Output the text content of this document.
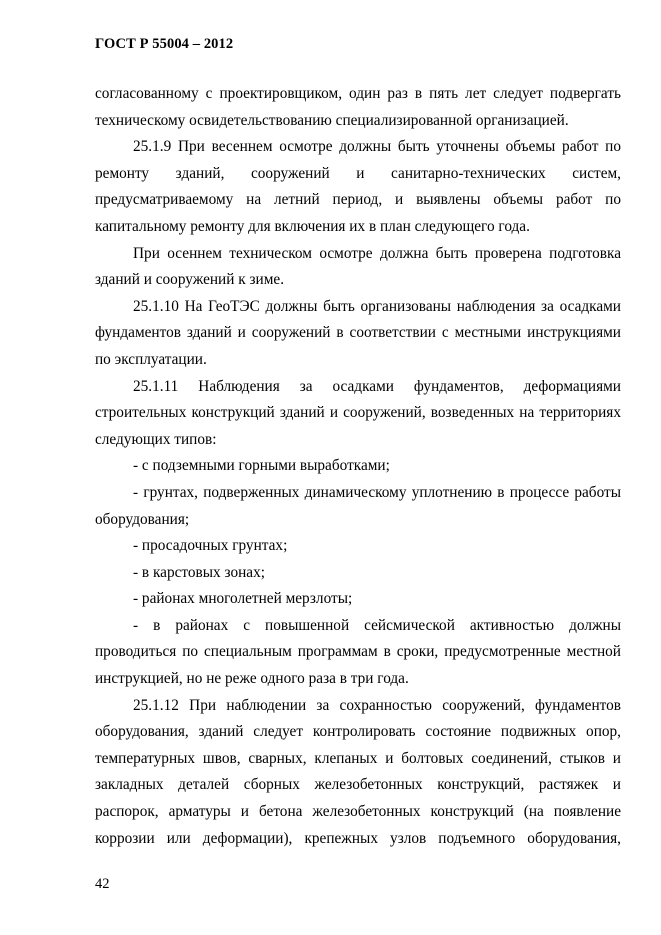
ГОСТ Р 55004 – 2012

согласованному с проектировщиком, один раз в пять лет следует подвергать техническому освидетельствованию специализированной организацией.

25.1.9 При весеннем осмотре должны быть уточнены объемы работ по ремонту зданий, сооружений и санитарно-технических систем, предусматриваемому на летний период, и выявлены объемы работ по капитальному ремонту для включения их в план следующего года.

При осеннем техническом осмотре должна быть проверена подготовка зданий и сооружений к зиме.

25.1.10 На ГеоТЭС должны быть организованы наблюдения за осадками фундаментов зданий и сооружений в соответствии с местными инструкциями по эксплуатации.

25.1.11 Наблюдения за осадками фундаментов, деформациями строительных конструкций зданий и сооружений, возведенных на территориях следующих типов:

- с подземными горными выработками;

- грунтах, подверженных динамическому уплотнению в процессе работы оборудования;

- просадочных грунтах;

- в карстовых зонах;

- районах многолетней мерзлоты;

- в районах с повышенной сейсмической активностью должны проводиться по специальным программам в сроки, предусмотренные местной инструкцией, но не реже одного раза в три года.

25.1.12 При наблюдении за сохранностью сооружений, фундаментов оборудования, зданий следует контролировать состояние подвижных опор, температурных швов, сварных, клепаных и болтовых соединений, стыков и закладных деталей сборных железобетонных конструкций, растяжек и распорок, арматуры и бетона железобетонных конструкций (на появление коррозии или деформации), крепежных узлов подъемного оборудования,

42
